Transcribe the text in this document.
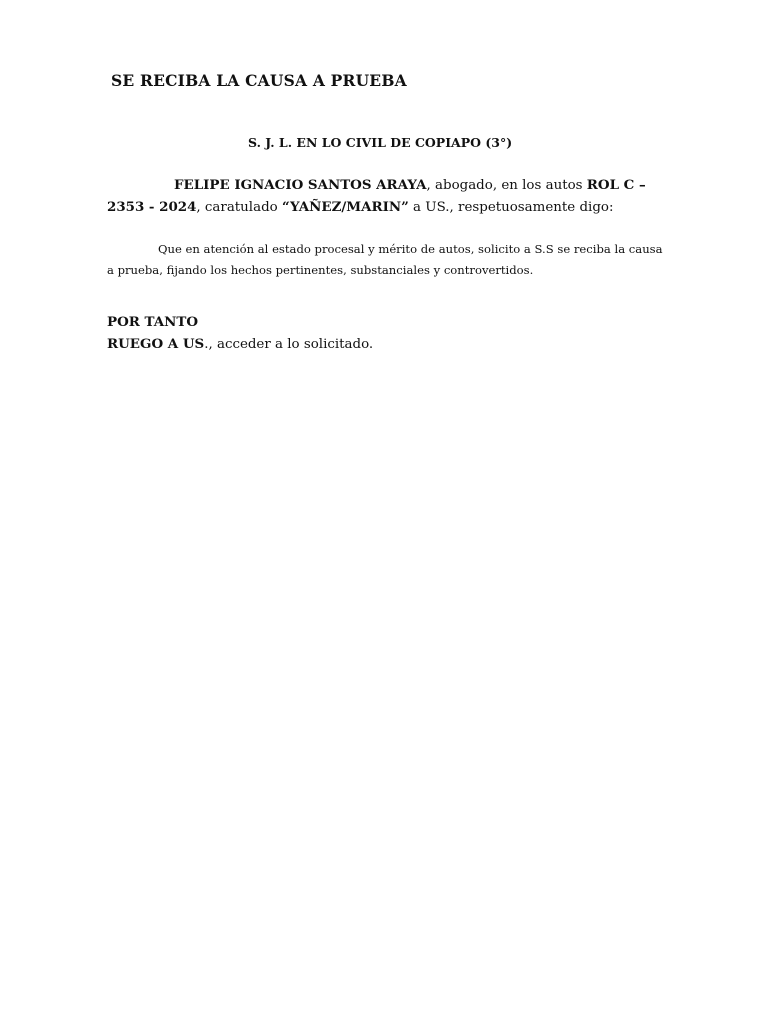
SE RECIBA LA CAUSA A PRUEBA
S. J. L. EN LO CIVIL DE COPIAPO (3°)
FELIPE IGNACIO SANTOS ARAYA, abogado, en los autos ROL C –
2353 - 2024, caratulado “YAÑEZ/MARIN” a US., respetuosamente digo:
Que en atención al estado procesal y mérito de autos, solicito a S.S se reciba la causa
a prueba, fijando los hechos pertinentes, substanciales y controvertidos.
POR TANTO
RUEGO A US., acceder a lo solicitado.
